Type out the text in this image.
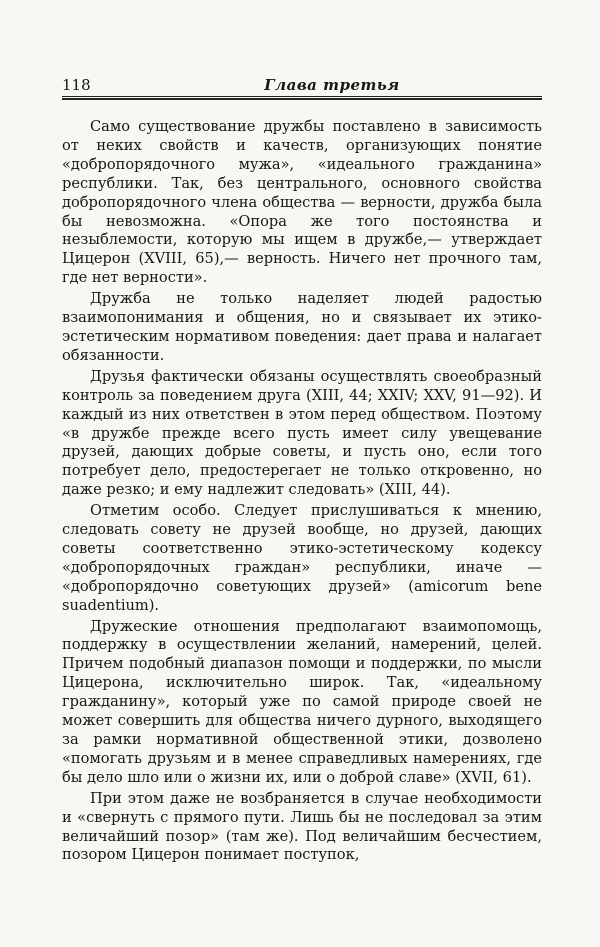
118	Глава третья

Само существование дружбы поставлено в зависимость от некиx свойств и качеств, организующих понятие «добропорядочного мужа», «идеального гражданина» республики. Так, без центрального, основного свойства добропорядочного члена общества — верности, дружба была бы невозможна. «Опора же того постоянства и незыблемости, которую мы ищем в дружбе,— утверждает Цицерон (XVIII, 65),— верность. Ничего нет прочного там, где нет верности».

Дружба не только наделяет людей радостью взаимопонимания и общения, но и связывает их этико-эстетическим нормативом поведения: дает права и налагает обязанности.

Друзья фактически обязаны осуществлять своеобразный контроль за поведением друга (XIII, 44; XXIV; XXV, 91—92). И каждый из них ответствен в этом перед обществом. Поэтому «в дружбе прежде всего пусть имеет силу увещевание друзей, дающих добрые советы, и пусть оно, если того потребует дело, предостерегает не только откровенно, но даже резко; и ему надлежит следовать» (XIII, 44).

Отметим особо. Следует прислушиваться к мнению, следовать совету не друзей вообще, но друзей, дающих советы соответственно этико-эстетическому кодексу «добропорядочных граждан» республики, иначе — «добропорядочно советующих друзей» (amicorum bene suadentium).

Дружеские отношения предполагают взаимопомощь, поддержку в осуществлении желаний, намерений, целей. Причем подобный диапазон помощи и поддержки, по мысли Цицерона, исключительно широк. Так, «идеальному гражданину», который уже по самой природе своей не может совершить для общества ничего дурного, выходящего за рамки нормативной общественной этики, дозволено «помогать друзьям и в менее справедливых намерениях, где бы дело шло или о жизни их, или о доброй славе» (XVII, 61).

При этом даже не возбраняется в случае необходимости и «свернуть с прямого пути. Лишь бы не последовал за этим величайший позор» (там же). Под величайшим бесчестием, позором Цицерон понимает поступок,
